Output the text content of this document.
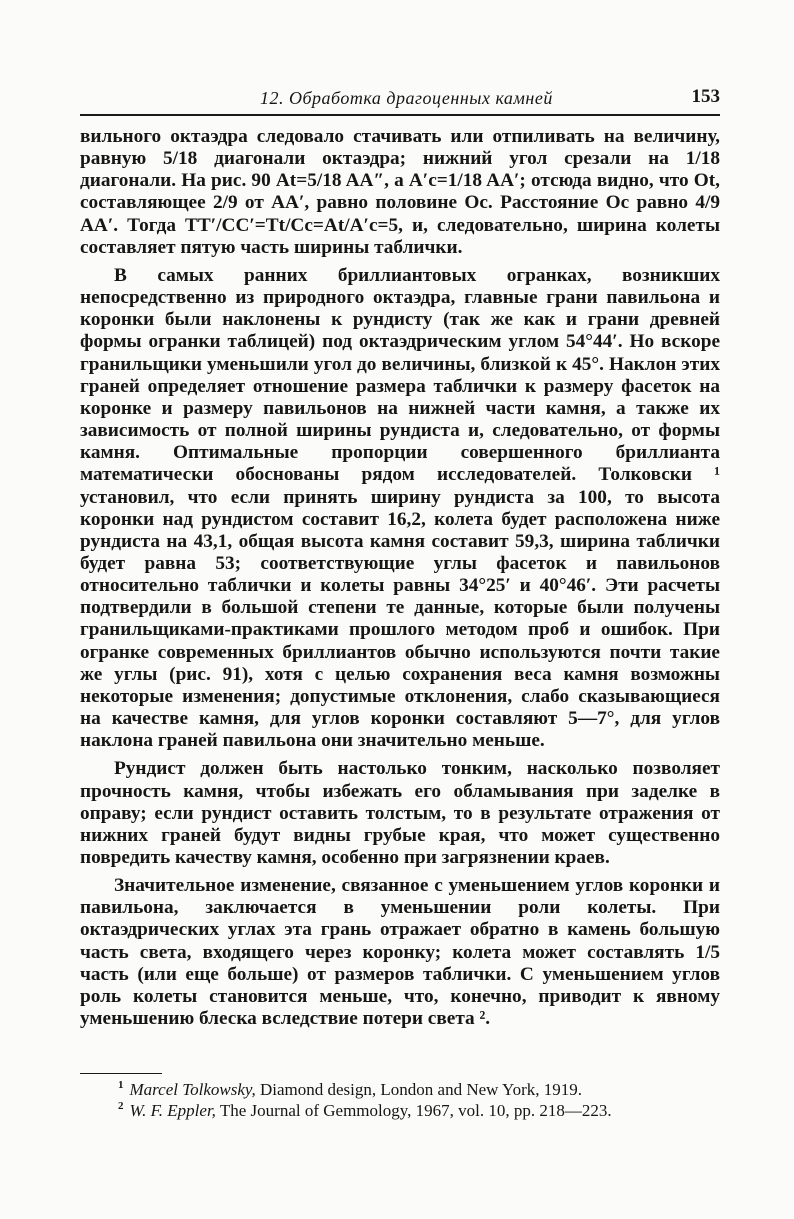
12. Обработка драгоценных камней	153

вильного октаэдра следовало стачивать или отпиливать на величину, равную 5/18 диагонали октаэдра; нижний угол срезали на 1/18 диагонали. На рис. 90 At=5/18 AA″, а A′c=1/18 AA′; отсюда видно, что Ot, составляющее 2/9 от AA′, равно половине Oc. Расстояние Oc равно 4/9 AA′. Тогда TT′/CC′=Tt/Cc=At/A′c=5, и, следовательно, ширина колеты составляет пятую часть ширины таблички.

В самых ранних бриллиантовых огранках, возникших непосредственно из природного октаэдра, главные грани павильона и коронки были наклонены к рундисту (так же как и грани древней формы огранки таблицей) под октаэдрическим углом 54°44′. Но вскоре гранильщики уменьшили угол до величины, близкой к 45°. Наклон этих граней определяет отношение размера таблички к размеру фасеток на коронке и размеру павильонов на нижней части камня, а также их зависимость от полной ширины рундиста и, следовательно, от формы камня. Оптимальные пропорции совершенного бриллианта математически обоснованы рядом исследователей. Толковски ¹ установил, что если принять ширину рундиста за 100, то высота коронки над рундистом составит 16,2, колета будет расположена ниже рундиста на 43,1, общая высота камня составит 59,3, ширина таблички будет равна 53; соответствующие углы фасеток и павильонов относительно таблички и колеты равны 34°25′ и 40°46′. Эти расчеты подтвердили в большой степени те данные, которые были получены гранильщиками-практиками прошлого методом проб и ошибок. При огранке современных бриллиантов обычно используются почти такие же углы (рис. 91), хотя с целью сохранения веса камня возможны некоторые изменения; допустимые отклонения, слабо сказывающиеся на качестве камня, для углов коронки составляют 5—7°, для углов наклона граней павильона они значительно меньше.

Рундист должен быть настолько тонким, насколько позволяет прочность камня, чтобы избежать его обламывания при заделке в оправу; если рундист оставить толстым, то в результате отражения от нижних граней будут видны грубые края, что может существенно повредить качеству камня, особенно при загрязнении краев.

Значительное изменение, связанное с уменьшением углов коронки и павильона, заключается в уменьшении роли колеты. При октаэдрических углах эта грань отражает обратно в камень большую часть света, входящего через коронку; колета может составлять 1/5 часть (или еще больше) от размеров таблички. С уменьшением углов роль колеты становится меньше, что, конечно, приводит к явному уменьшению блеска вследствие потери света ².

$^1$ Marcel Tolkowsky, Diamond design, London and New York, 1919.
$^2$ W. F. Eppler, The Journal of Gemmology, 1967, vol. 10, pp. 218—223.
